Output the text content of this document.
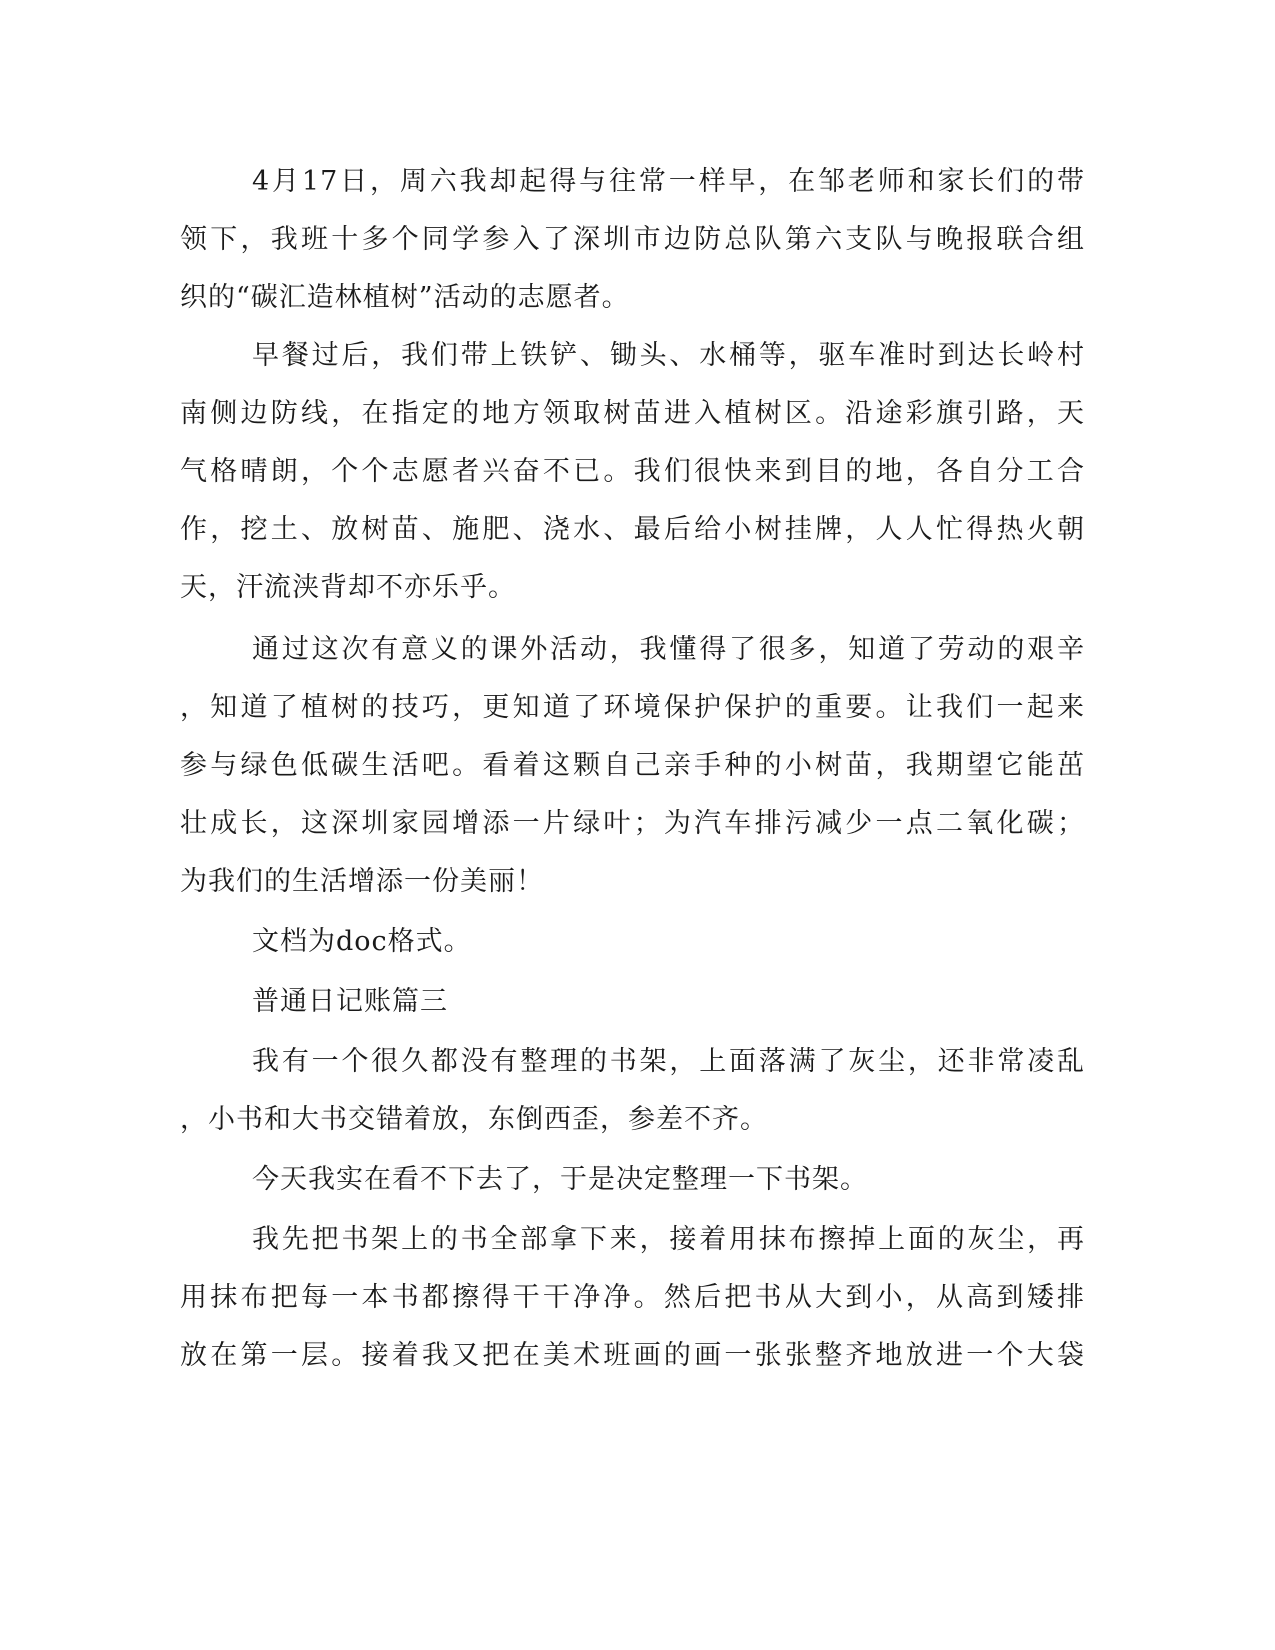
4月17日，周六我却起得与往常一样早，在邹老师和家长们的带
领下，我班十多个同学参入了深圳市边防总队第六支队与晚报联合组
织的“碳汇造林植树”活动的志愿者。
早餐过后，我们带上铁铲、锄头、水桶等，驱车准时到达长岭村
南侧边防线，在指定的地方领取树苗进入植树区。沿途彩旗引路，天
气格晴朗，个个志愿者兴奋不已。我们很快来到目的地，各自分工合
作，挖土、放树苗、施肥、浇水、最后给小树挂牌，人人忙得热火朝
天，汗流浃背却不亦乐乎。
通过这次有意义的课外活动，我懂得了很多，知道了劳动的艰辛
，知道了植树的技巧，更知道了环境保护保护的重要。让我们一起来
参与绿色低碳生活吧。看着这颗自己亲手种的小树苗，我期望它能茁
壮成长，这深圳家园增添一片绿叶；为汽车排污减少一点二氧化碳；
为我们的生活增添一份美丽！
文档为doc格式。
普通日记账篇三
我有一个很久都没有整理的书架，上面落满了灰尘，还非常凌乱
，小书和大书交错着放，东倒西歪，参差不齐。
今天我实在看不下去了，于是决定整理一下书架。
我先把书架上的书全部拿下来，接着用抹布擦掉上面的灰尘，再
用抹布把每一本书都擦得干干净净。然后把书从大到小，从高到矮排
放在第一层。接着我又把在美术班画的画一张张整齐地放进一个大袋
